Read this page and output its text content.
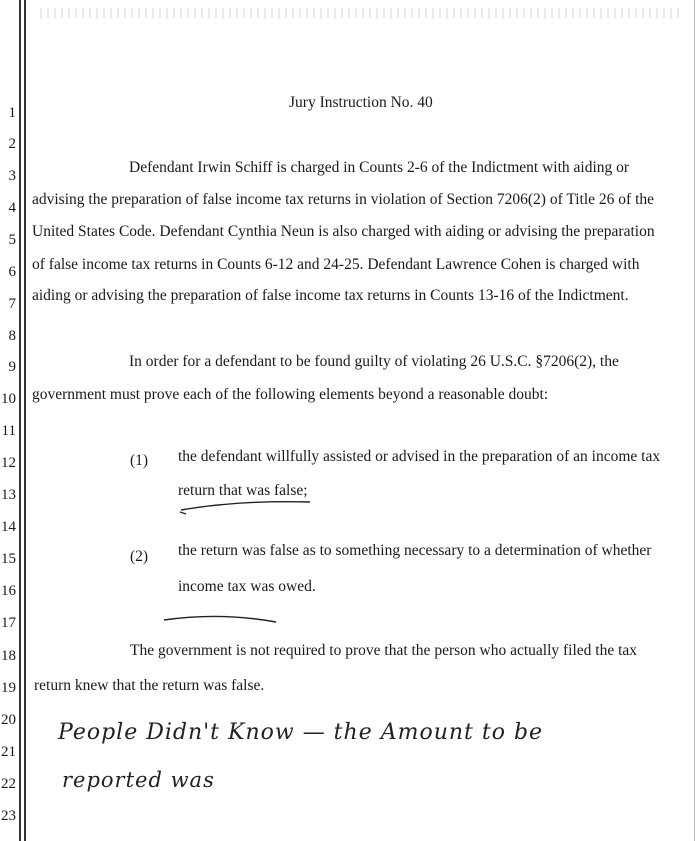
1
2
3
4
5
6
7
8
9
10
11
12
13
14
15
16
17
18
19
20
21
22
23
Jury Instruction No. 40
Defendant Irwin Schiff is charged in Counts 2-6 of the Indictment with aiding or
advising the preparation of false income tax returns in violation of Section 7206(2) of Title 26 of the
United States Code. Defendant Cynthia Neun is also charged with aiding or advising the preparation
of false income tax returns in Counts 6-12 and 24-25. Defendant Lawrence Cohen is charged with
aiding or advising the preparation of false income tax returns in Counts 13-16 of the Indictment.
In order for a defendant to be found guilty of violating 26 U.S.C. §7206(2), the
government must prove each of the following elements beyond a reasonable doubt:
(1) the defendant willfully assisted or advised in the preparation of an income tax
return that was false;
(2) the return was false as to something necessary to a determination of whether
income tax was owed.
The government is not required to prove that the person who actually filed the tax
return knew that the return was false.
People Didn't Know — the Amount to be
reported was
